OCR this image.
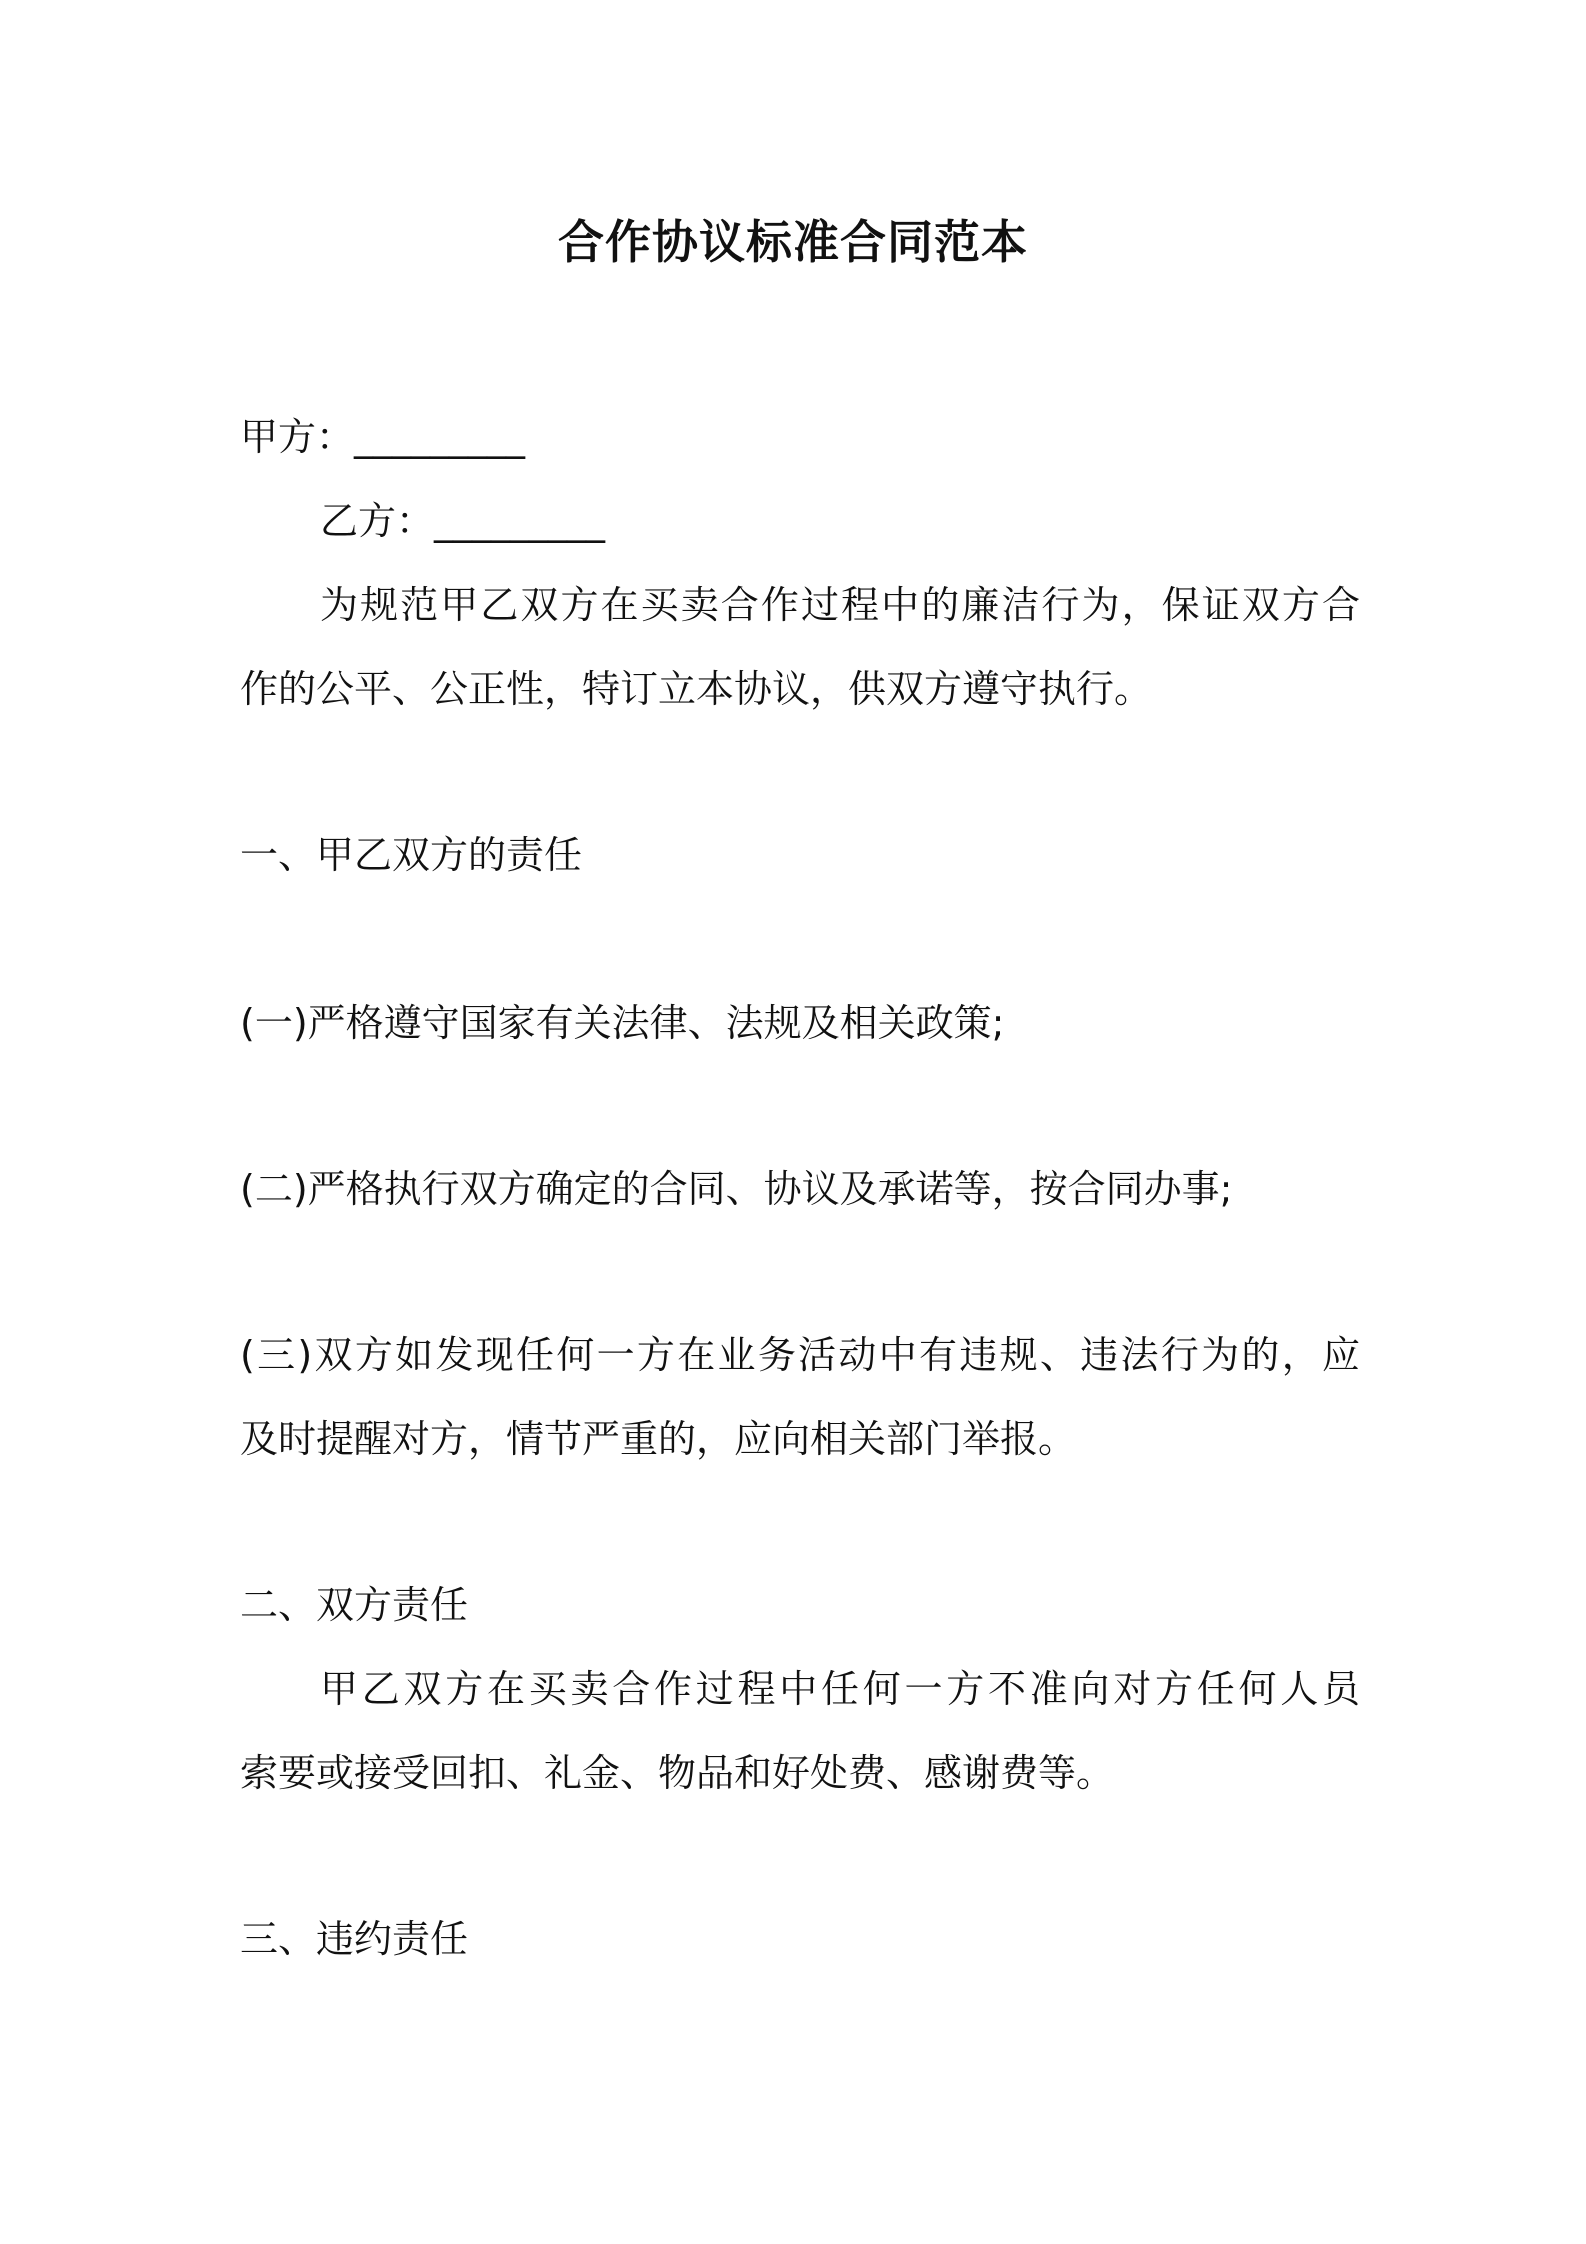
合作协议标准合同范本
甲方：_________
乙方：_________
为规范甲乙双方在买卖合作过程中的廉洁行为，保证双方合
作的公平、公正性，特订立本协议，供双方遵守执行。
一、甲乙双方的责任
(一)严格遵守国家有关法律、法规及相关政策;
(二)严格执行双方确定的合同、协议及承诺等，按合同办事;
(三)双方如发现任何一方在业务活动中有违规、违法行为的，应
及时提醒对方，情节严重的，应向相关部门举报。
二、双方责任
甲乙双方在买卖合作过程中任何一方不准向对方任何人员
索要或接受回扣、礼金、物品和好处费、感谢费等。
三、违约责任
